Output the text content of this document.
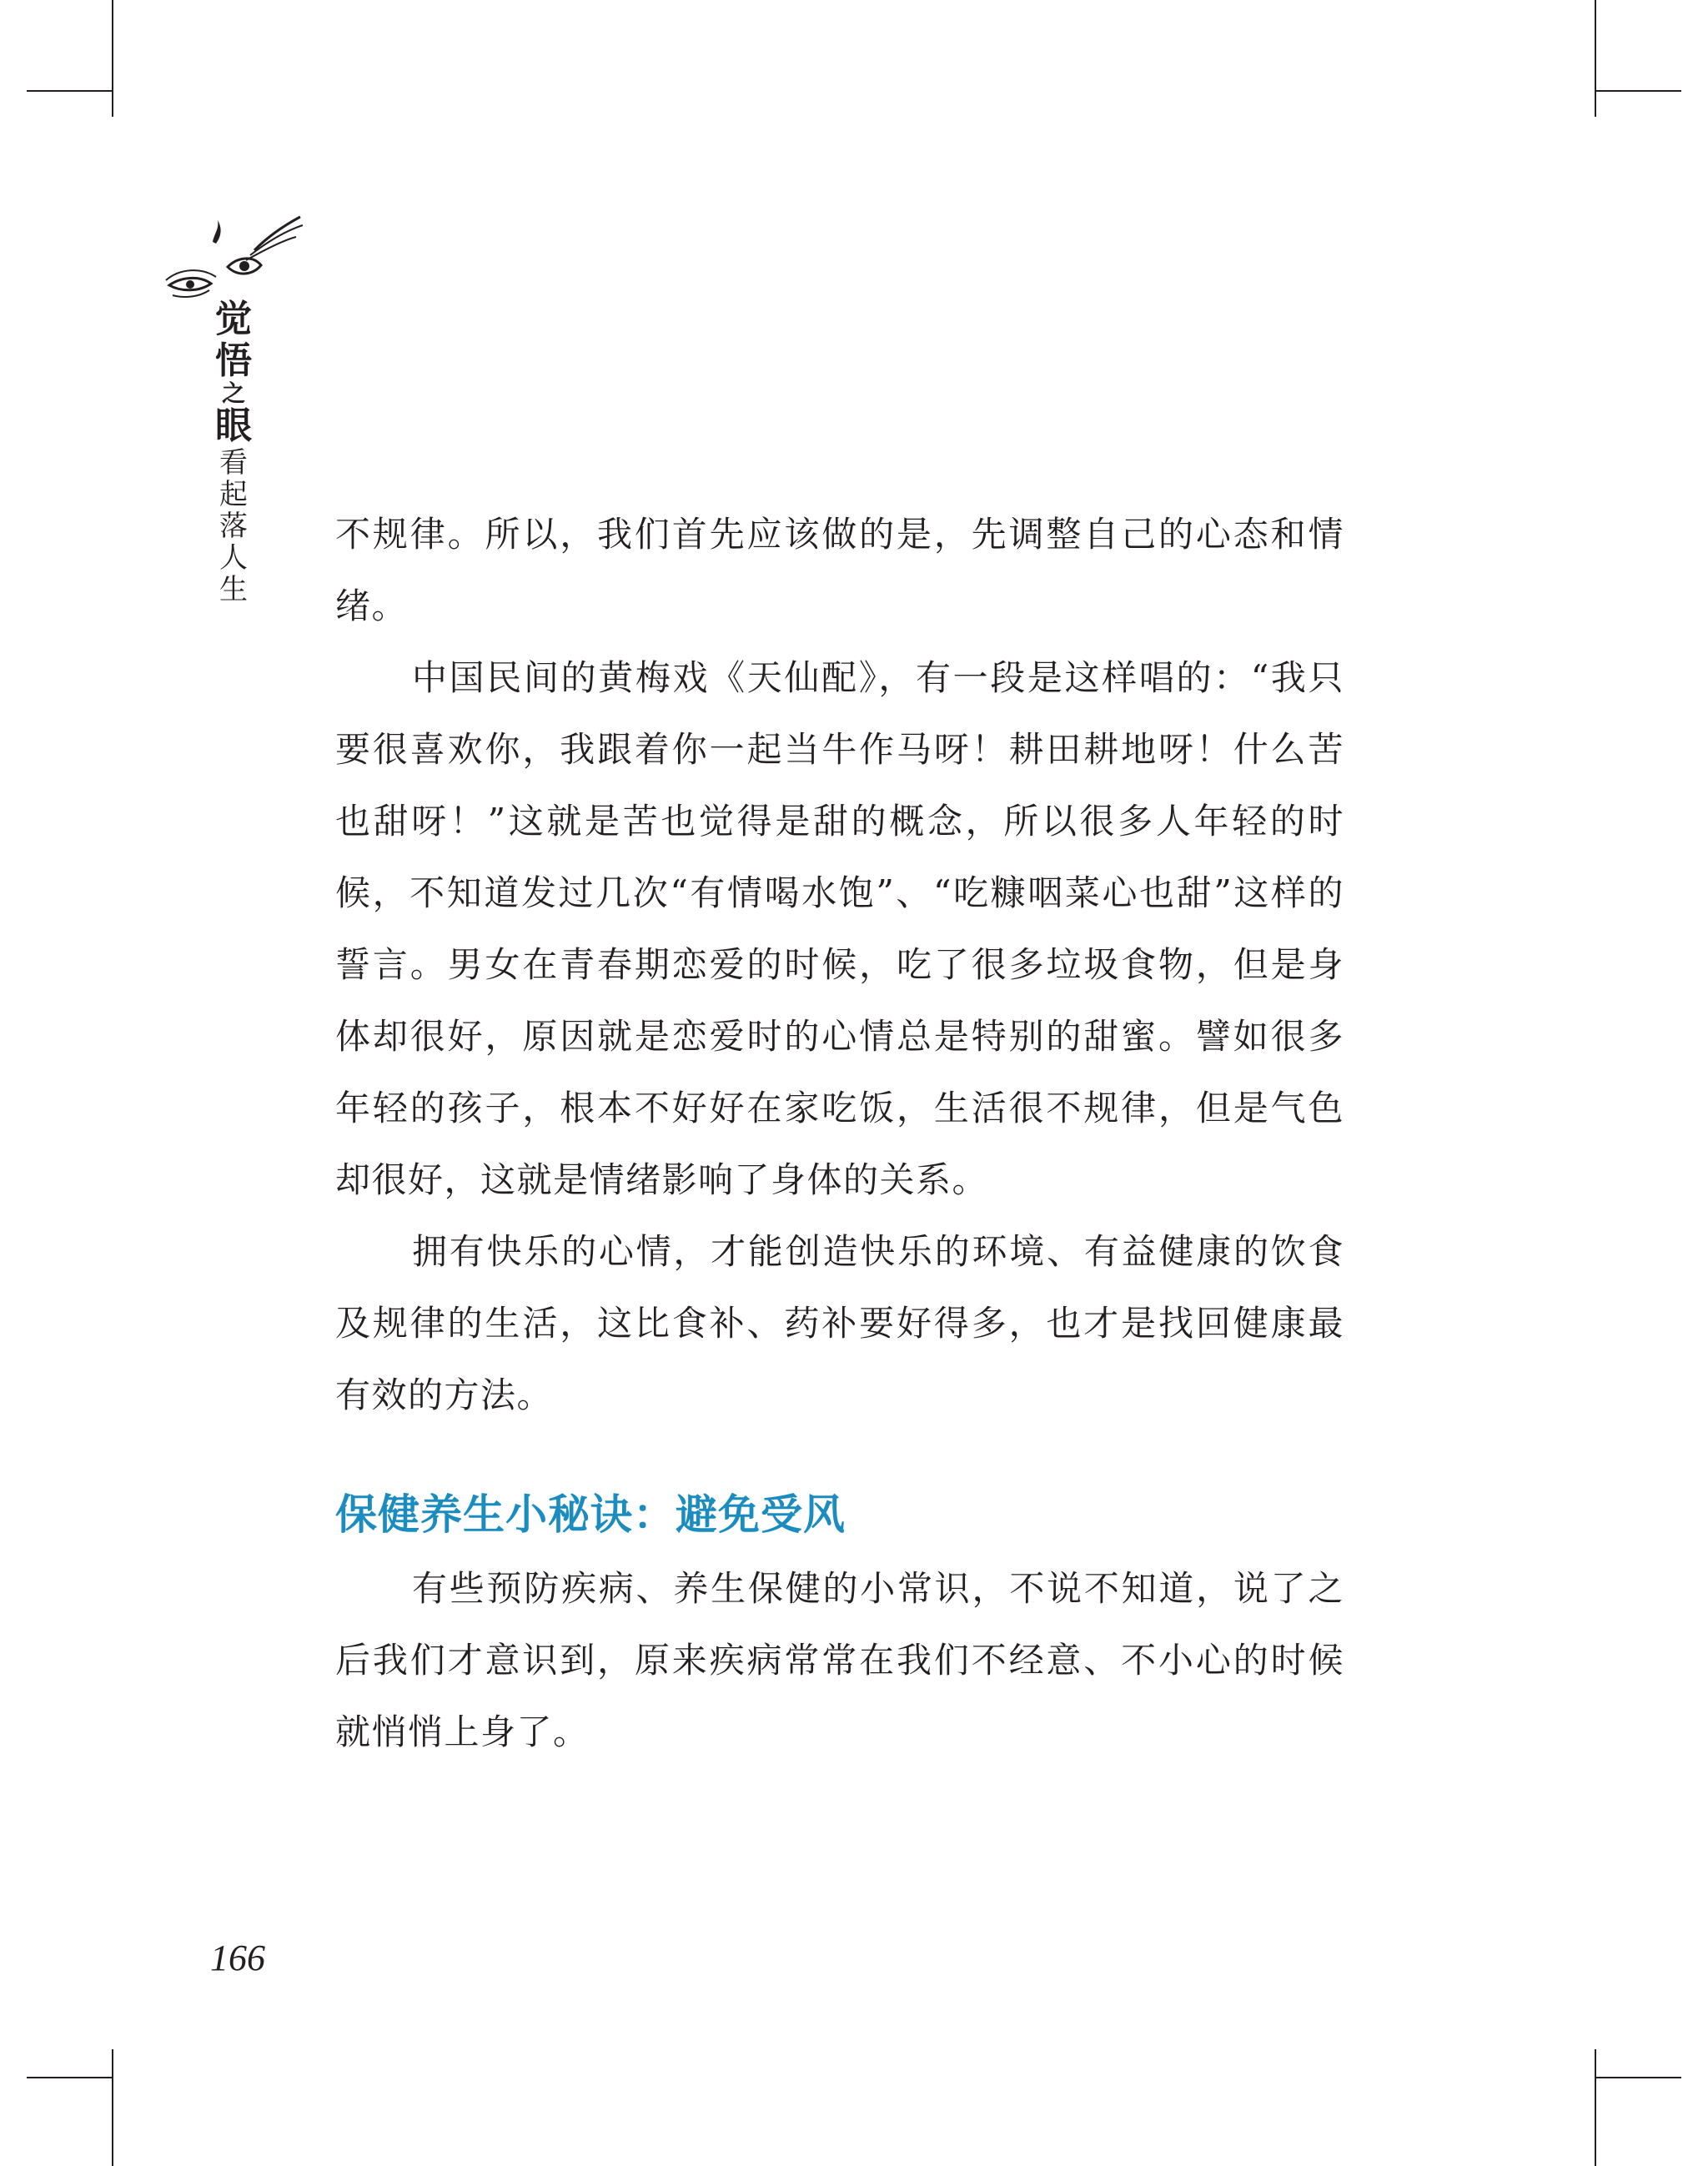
觉
悟
之
眼
看
起
落
人
生

不规律。所以，我们首先应该做的是，先调整自己的心态和情绪。

中国民间的黄梅戏《天仙配》，有一段是这样唱的：“我只要很喜欢你，我跟着你一起当牛作马呀！耕田耕地呀！什么苦也甜呀！”这就是苦也觉得是甜的概念，所以很多人年轻的时候，不知道发过几次“有情喝水饱”、“吃糠咽菜心也甜”这样的誓言。男女在青春期恋爱的时候，吃了很多垃圾食物，但是身体却很好，原因就是恋爱时的心情总是特别的甜蜜。譬如很多年轻的孩子，根本不好好在家吃饭，生活很不规律，但是气色却很好，这就是情绪影响了身体的关系。

拥有快乐的心情，才能创造快乐的环境、有益健康的饮食及规律的生活，这比食补、药补要好得多，也才是找回健康最有效的方法。

保健养生小秘诀：避免受风

有些预防疾病、养生保健的小常识，不说不知道，说了之后我们才意识到，原来疾病常常在我们不经意、不小心的时候就悄悄上身了。

166
